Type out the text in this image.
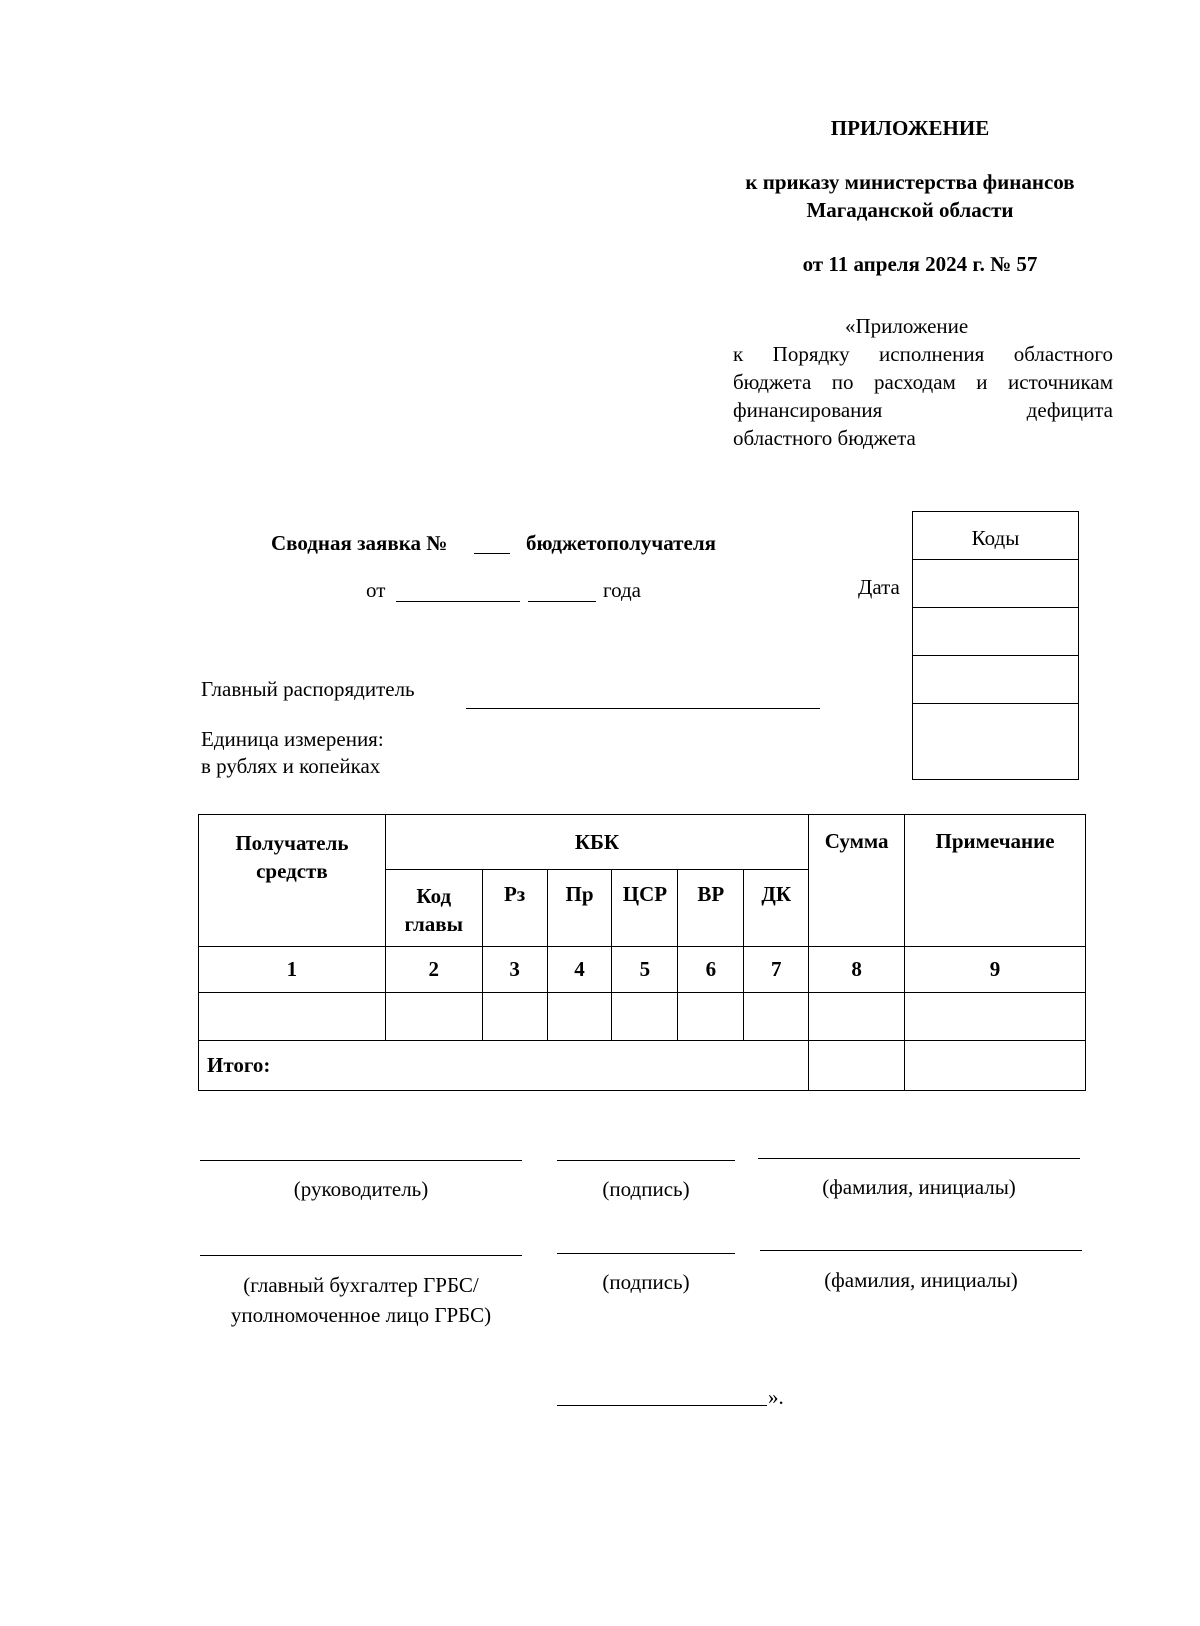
ПРИЛОЖЕНИЕ
к приказу министерства финансов
Магаданской области
от 11 апреля 2024 г. № 57
«Приложение
к Порядку исполнения областного
бюджета по расходам и источникам
финансирования	дефицита
областного бюджета
Сводная заявка №	бюджетополучателя
от	года	Дата
Коды
Главный распорядитель
Единица измерения:
в рублях и копейках
Получатель средств	КБК						Сумма	Примечание
	Код главы	Рз	Пр	ЦСР	ВР	ДК		
1	2	3	4	5	6	7	8	9

Итого:								
(руководитель)	(подпись)	(фамилия, инициалы)
(главный бухгалтер ГРБС/
уполномоченное лицо ГРБС)
(подпись)	(фамилия, инициалы)
».
